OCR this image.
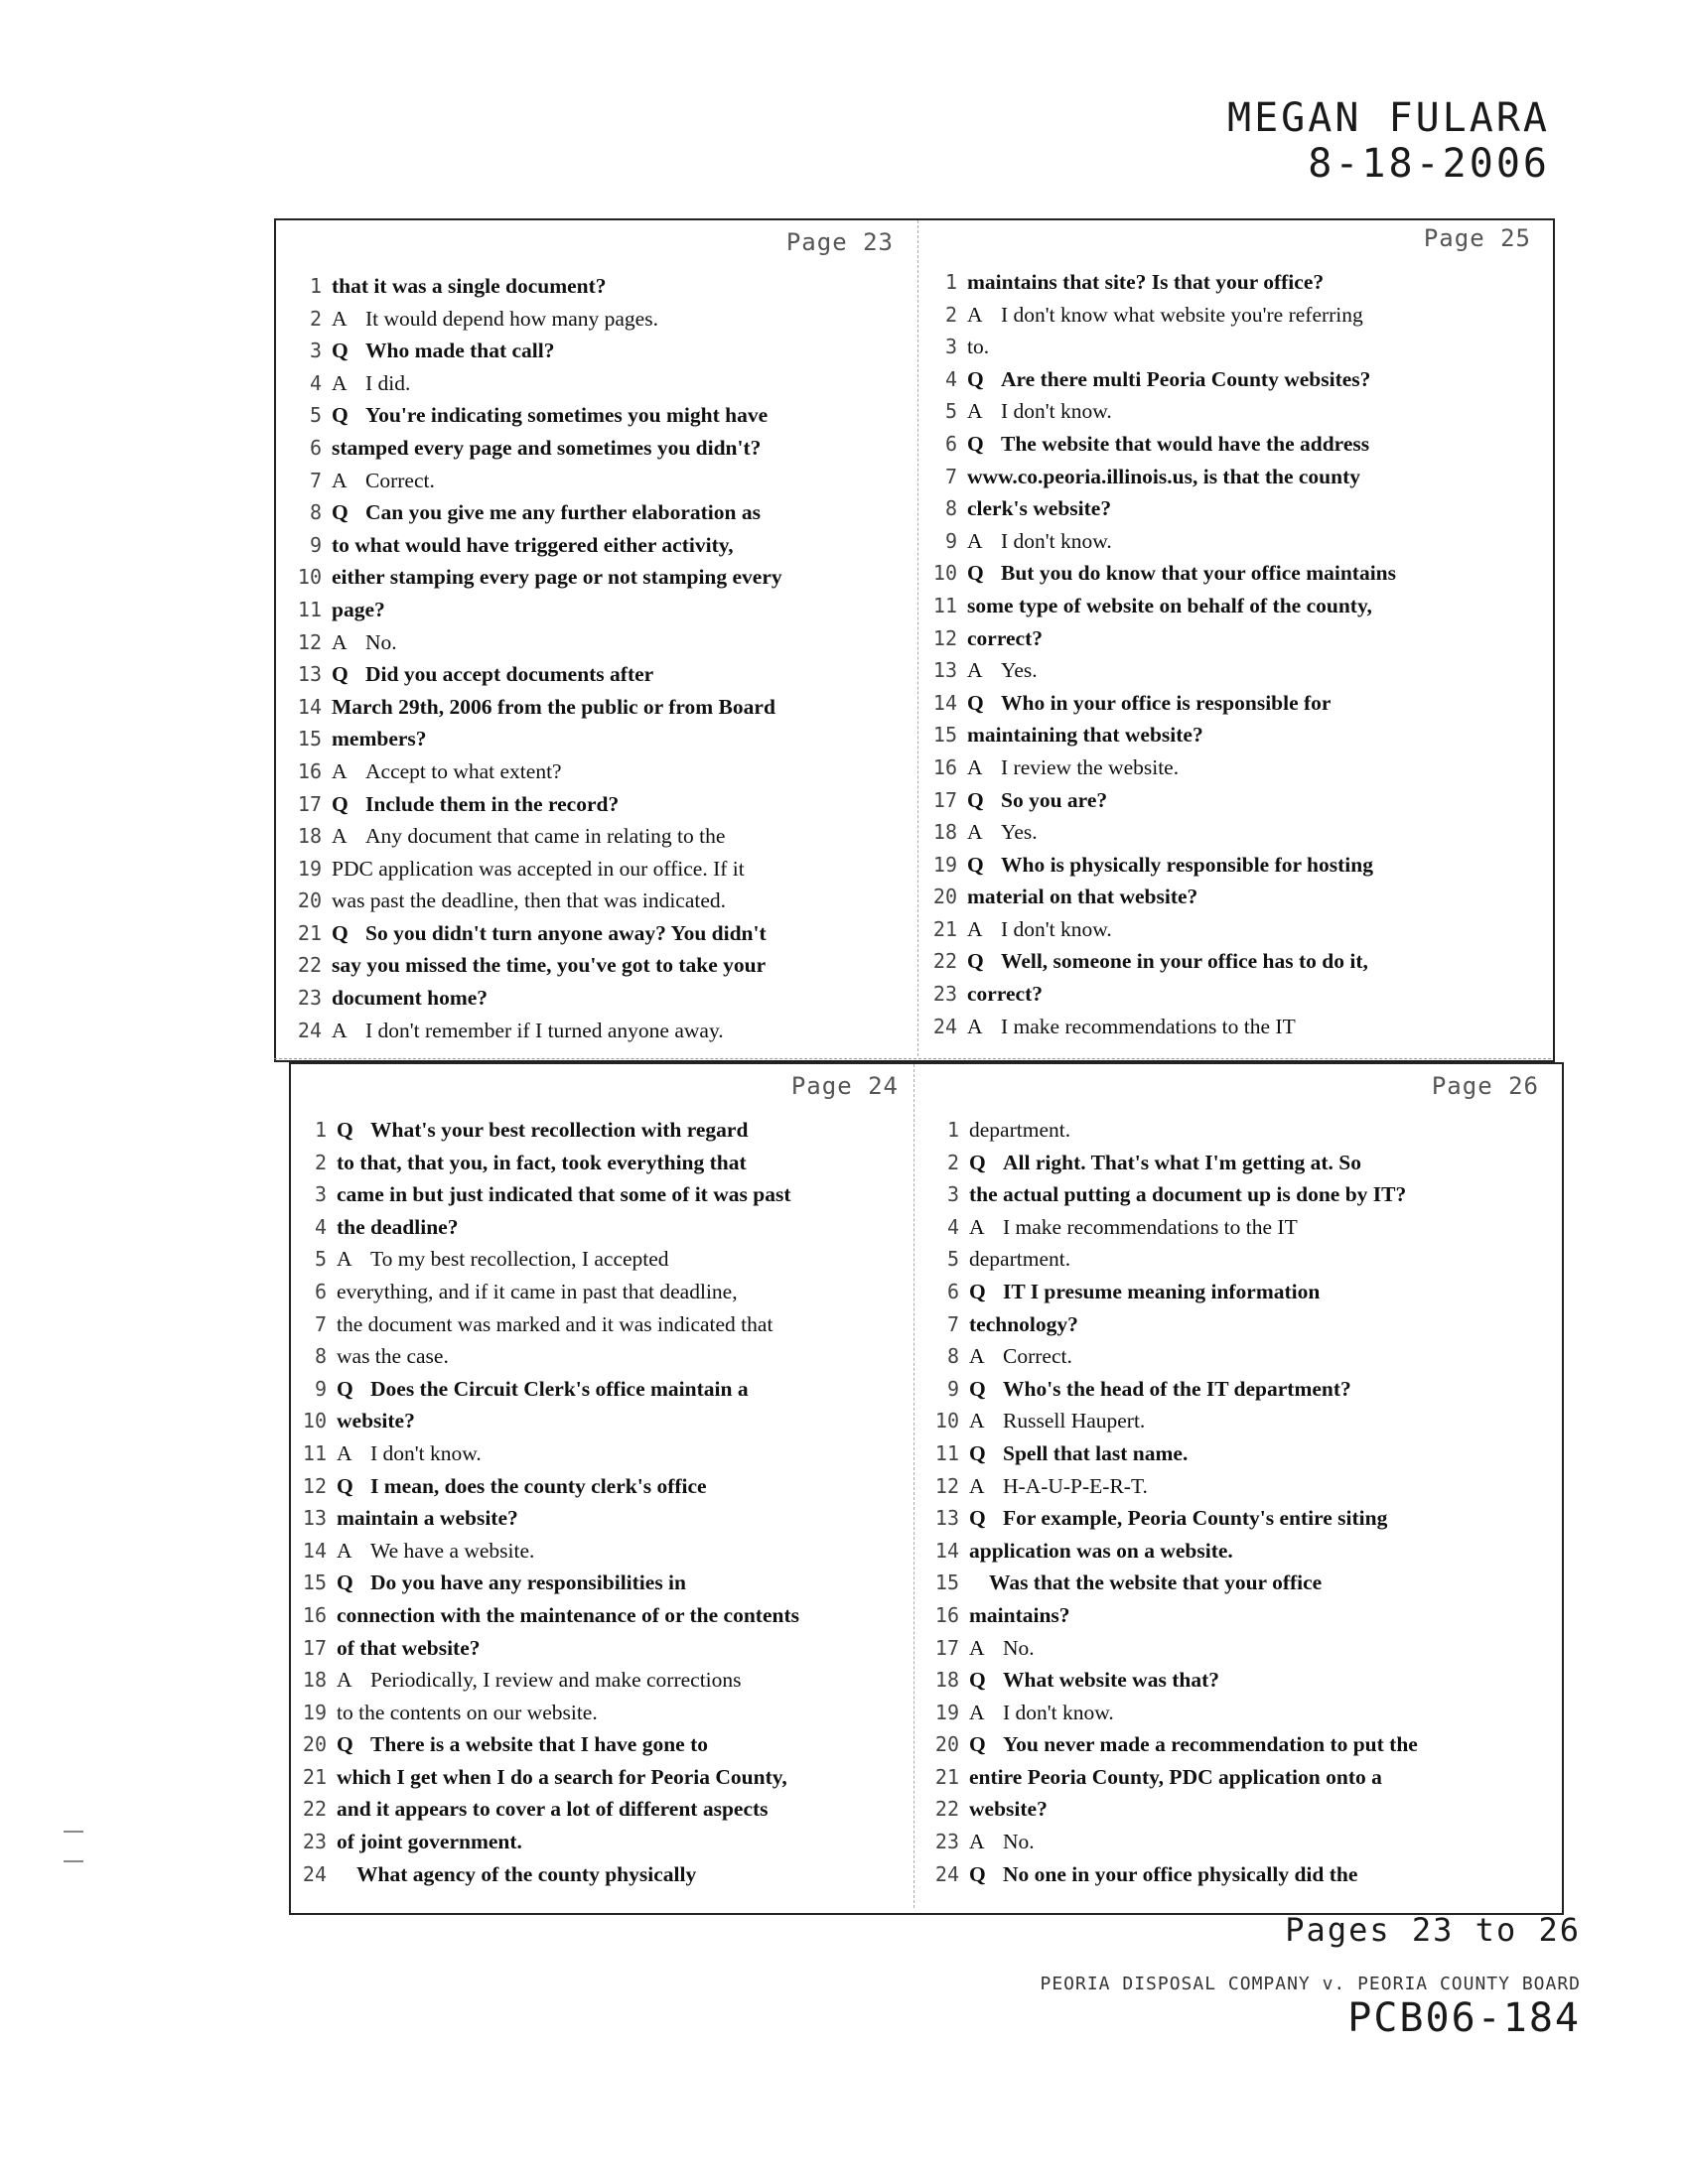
MEGAN FULARA
8-18-2006
Page 23
1 that it was a single document?
2 A It would depend how many pages.
3 Q Who made that call?
4 A I did.
5 Q You're indicating sometimes you might have
6 stamped every page and sometimes you didn't?
7 A Correct.
8 Q Can you give me any further elaboration as
9 to what would have triggered either activity,
10 either stamping every page or not stamping every
11 page?
12 A No.
13 Q Did you accept documents after
14 March 29th, 2006 from the public or from Board
15 members?
16 A Accept to what extent?
17 Q Include them in the record?
18 A Any document that came in relating to the
19 PDC application was accepted in our office. If it
20 was past the deadline, then that was indicated.
21 Q So you didn't turn anyone away? You didn't
22 say you missed the time, you've got to take your
23 document home?
24 A I don't remember if I turned anyone away.
Page 25
1 maintains that site? Is that your office?
2 A I don't know what website you're referring
3 to.
4 Q Are there multi Peoria County websites?
5 A I don't know.
6 Q The website that would have the address
7 www.co.peoria.illinois.us, is that the county
8 clerk's website?
9 A I don't know.
10 Q But you do know that your office maintains
11 some type of website on behalf of the county,
12 correct?
13 A Yes.
14 Q Who in your office is responsible for
15 maintaining that website?
16 A I review the website.
17 Q So you are?
18 A Yes.
19 Q Who is physically responsible for hosting
20 material on that website?
21 A I don't know.
22 Q Well, someone in your office has to do it,
23 correct?
24 A I make recommendations to the IT
Page 24
1 Q What's your best recollection with regard
2 to that, that you, in fact, took everything that
3 came in but just indicated that some of it was past
4 the deadline?
5 A To my best recollection, I accepted
6 everything, and if it came in past that deadline,
7 the document was marked and it was indicated that
8 was the case.
9 Q Does the Circuit Clerk's office maintain a
10 website?
11 A I don't know.
12 Q I mean, does the county clerk's office
13 maintain a website?
14 A We have a website.
15 Q Do you have any responsibilities in
16 connection with the maintenance of or the contents
17 of that website?
18 A Periodically, I review and make corrections
19 to the contents on our website.
20 Q There is a website that I have gone to
21 which I get when I do a search for Peoria County,
22 and it appears to cover a lot of different aspects
23 of joint government.
24	What agency of the county physically
Page 26
1 department.
2 Q All right. That's what I'm getting at. So
3 the actual putting a document up is done by IT?
4 A I make recommendations to the IT
5 department.
6 Q IT I presume meaning information
7 technology?
8 A Correct.
9 Q Who's the head of the IT department?
10 A Russell Haupert.
11 Q Spell that last name.
12 A H-A-U-P-E-R-T.
13 Q For example, Peoria County's entire siting
14 application was on a website.
15	Was that the website that your office
16 maintains?
17 A No.
18 Q What website was that?
19 A I don't know.
20 Q You never made a recommendation to put the
21 entire Peoria County, PDC application onto a
22 website?
23 A No.
24 Q No one in your office physically did the
Pages 23 to 26
PEORIA DISPOSAL COMPANY v. PEORIA COUNTY BOARD
PCB06-184
